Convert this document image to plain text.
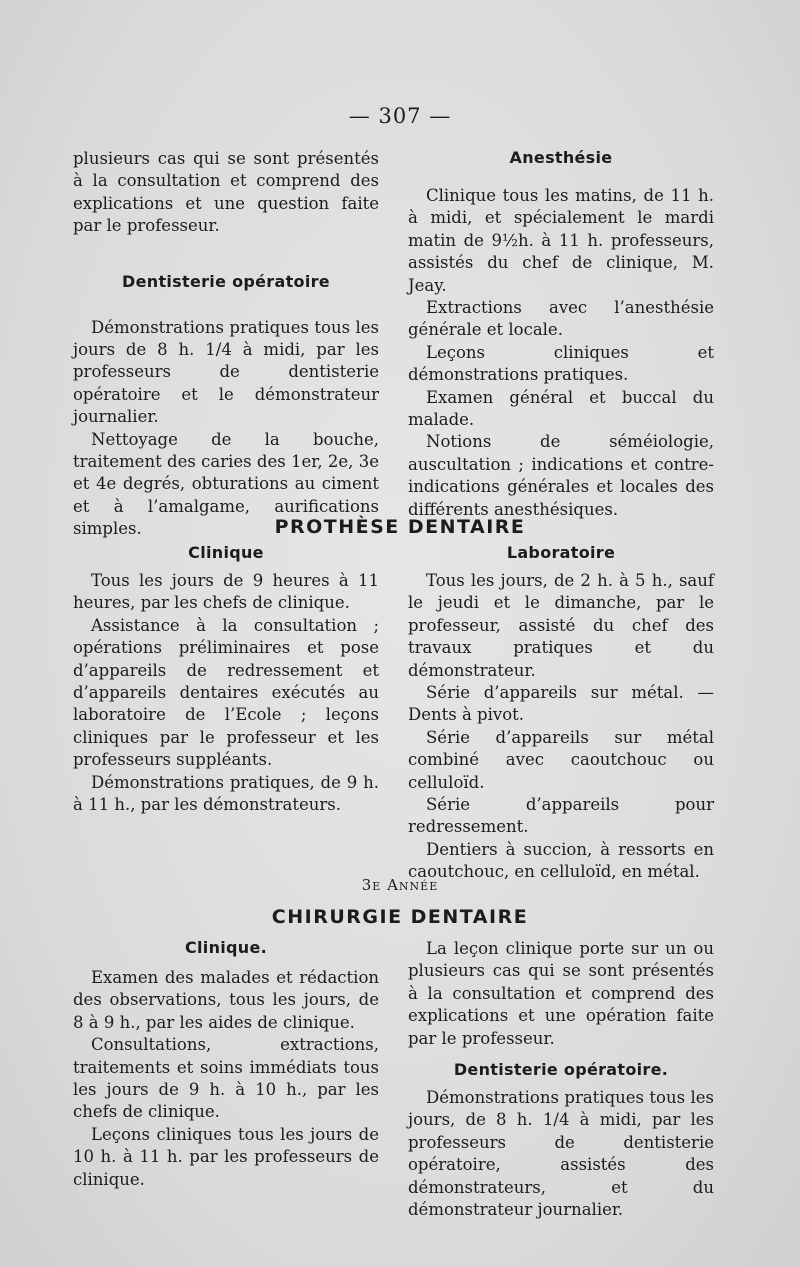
— 307 —

plusieurs cas qui se sont présentés à la consultation et comprend des explications et une question faite par le professeur.

Dentisterie opératoire

Démonstrations pratiques tous les jours de 8 h. 1/4 à midi, par les professeurs de dentisterie opératoire et le démonstrateur journalier.

Nettoyage de la bouche, traitement des caries des 1er, 2e, 3e et 4e degrés, obturations au ciment et à l’amalgame, aurifications simples.

Anesthésie

Clinique tous les matins, de 11 h. à midi, et spécialement le mardi matin de 9½h. à 11 h. professeurs, assistés du chef de clinique, M. Jeay.

Extractions avec l’anesthésie générale et locale.

Leçons cliniques et démonstrations pratiques.

Examen général et buccal du malade.

Notions de séméiologie, auscultation ; indications et contre-indications générales et locales des différents anesthésiques.

PROTHÈSE DENTAIRE
Clinique

Tous les jours de 9 heures à 11 heures, par les chefs de clinique.

Assistance à la consultation ; opérations préliminaires et pose d’appareils de redressement et d’appareils dentaires exécutés au laboratoire de l’Ecole ; leçons cliniques par le professeur et les professeurs suppléants.

Démonstrations pratiques, de 9 h. à 11 h., par les démonstrateurs.

Laboratoire

Tous les jours, de 2 h. à 5 h., sauf le jeudi et le dimanche, par le professeur, assisté du chef des travaux pratiques et du démonstrateur.

Série d’appareils sur métal. — Dents à pivot.

Série d’appareils sur métal combiné avec caoutchouc ou celluloïd.

Série d’appareils pour redressement.

Dentiers à succion, à ressorts en caoutchouc, en celluloïd, en métal.

3e Année
CHIRURGIE DENTAIRE
Clinique.

Examen des malades et rédaction des observations, tous les jours, de 8 à 9 h., par les aides de clinique.

Consultations, extractions, traitements et soins immédiats tous les jours de 9 h. à 10 h., par les chefs de clinique.

Leçons cliniques tous les jours de 10 h. à 11 h. par les professeurs de clinique.

La leçon clinique porte sur un ou plusieurs cas qui se sont présentés à la consultation et comprend des explications et une opération faite par le professeur.

Dentisterie opératoire.

Démonstrations pratiques tous les jours, de 8 h. 1/4 à midi, par les professeurs de dentisterie opératoire, assistés des démonstrateurs, et du démonstrateur journalier.
